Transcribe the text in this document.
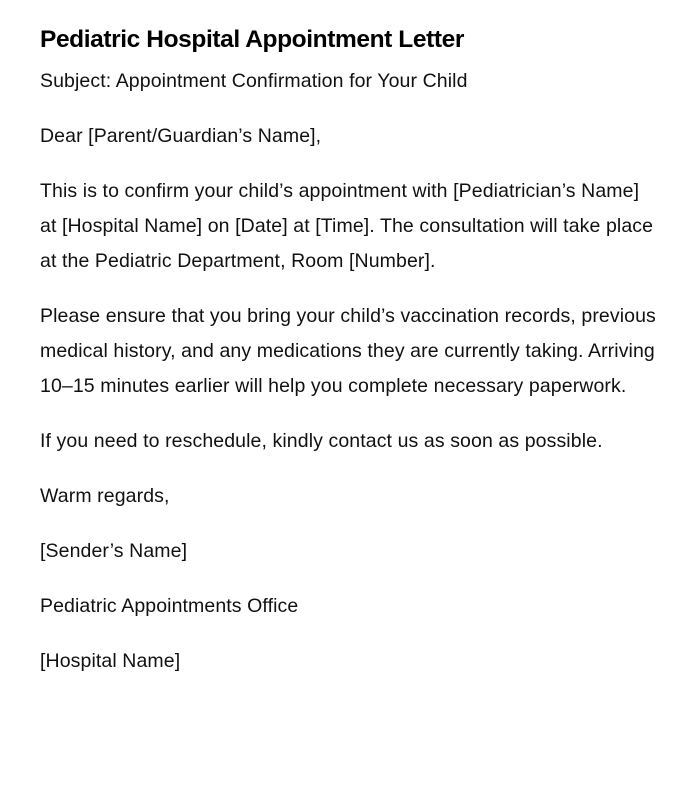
Pediatric Hospital Appointment Letter

Subject: Appointment Confirmation for Your Child

Dear [Parent/Guardian’s Name],

This is to confirm your child’s appointment with [Pediatrician’s Name] at [Hospital Name] on [Date] at [Time]. The consultation will take place at the Pediatric Department, Room [Number].

Please ensure that you bring your child’s vaccination records, previous medical history, and any medications they are currently taking. Arriving 10–15 minutes earlier will help you complete necessary paperwork.

If you need to reschedule, kindly contact us as soon as possible.

Warm regards,

[Sender’s Name]

Pediatric Appointments Office

[Hospital Name]
